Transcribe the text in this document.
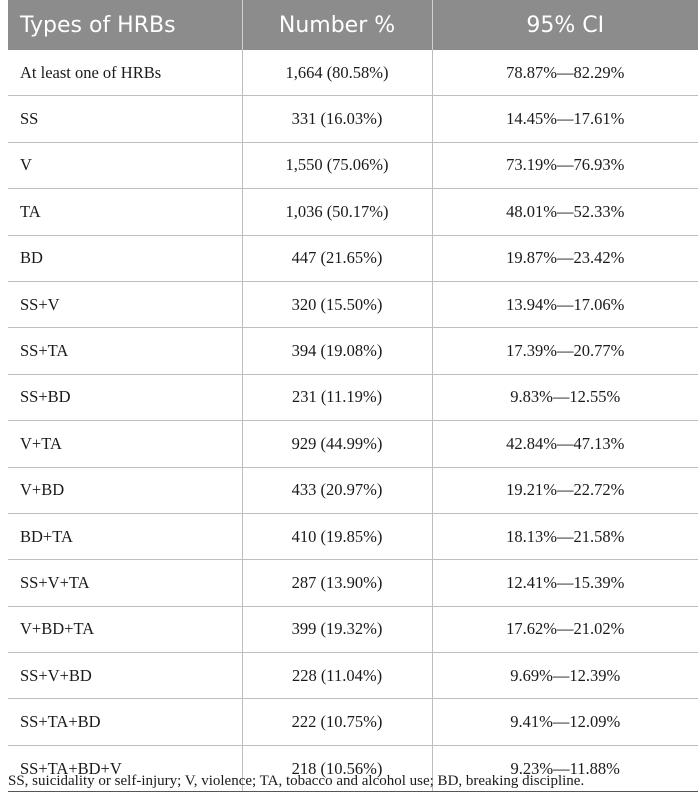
Types of HRBs	Number %	95% CI
At least one of HRBs	1,664 (80.58%)	78.87%—82.29%
SS	331 (16.03%)	14.45%—17.61%
V	1,550 (75.06%)	73.19%—76.93%
TA	1,036 (50.17%)	48.01%—52.33%
BD	447 (21.65%)	19.87%—23.42%
SS+V	320 (15.50%)	13.94%—17.06%
SS+TA	394 (19.08%)	17.39%—20.77%
SS+BD	231 (11.19%)	9.83%—12.55%
V+TA	929 (44.99%)	42.84%—47.13%
V+BD	433 (20.97%)	19.21%—22.72%
BD+TA	410 (19.85%)	18.13%—21.58%
SS+V+TA	287 (13.90%)	12.41%—15.39%
V+BD+TA	399 (19.32%)	17.62%—21.02%
SS+V+BD	228 (11.04%)	9.69%—12.39%
SS+TA+BD	222 (10.75%)	9.41%—12.09%
SS+TA+BD+V	218 (10.56%)	9.23%—11.88%
SS, suicidality or self-injury; V, violence; TA, tobacco and alcohol use; BD, breaking discipline.
